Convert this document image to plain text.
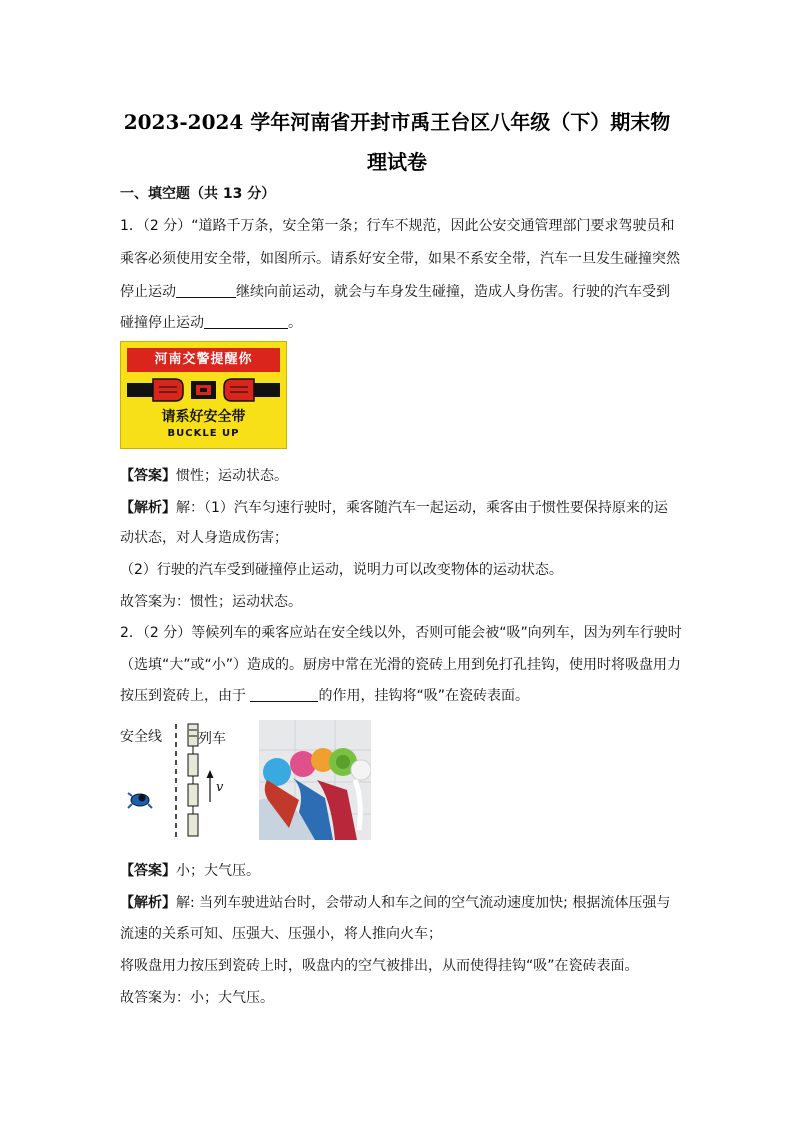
2023-2024 学年河南省开封市禹王台区八年级（下）期末物
理试卷
一、填空题（共 13 分）
1．（2 分）“道路千万条，安全第一条；行车不规范，因此公安交通管理部门要求驾驶员和
乘客必须使用安全带，如图所示。请系好安全带，如果不系安全带，汽车一旦发生碰撞突然
停止运动	继续向前运动，就会与车身发生碰撞，造成人身伤害。行驶的汽车受到
碰撞停止运动	。
河南交警提醒你
请系好安全带
BUCKLE UP
【答案】惯性；运动状态。
【解析】解：（1）汽车匀速行驶时，乘客随汽车一起运动，乘客由于惯性要保持原来的运
动状态，对人身造成伤害；
（2）行驶的汽车受到碰撞停止运动，说明力可以改变物体的运动状态。
故答案为：惯性；运动状态。
2．（2 分）等候列车的乘客应站在安全线以外，否则可能会被“吸”向列车，因为列车行驶时
（选填“大”或“小”）造成的。厨房中常在光滑的瓷砖上用到免打孔挂钩，使用时将吸盘用力
按压到瓷砖上，由于	的作用，挂钩将“吸”在瓷砖表面。
安全线	列车
v
【答案】小；大气压。
【解析】解: 当列车驶进站台时，会带动人和车之间的空气流动速度加快; 根据流体压强与
流速的关系可知、压强大、压强小，将人推向火车；
将吸盘用力按压到瓷砖上时，吸盘内的空气被排出，从而使得挂钩“吸”在瓷砖表面。
故答案为：小；大气压。
